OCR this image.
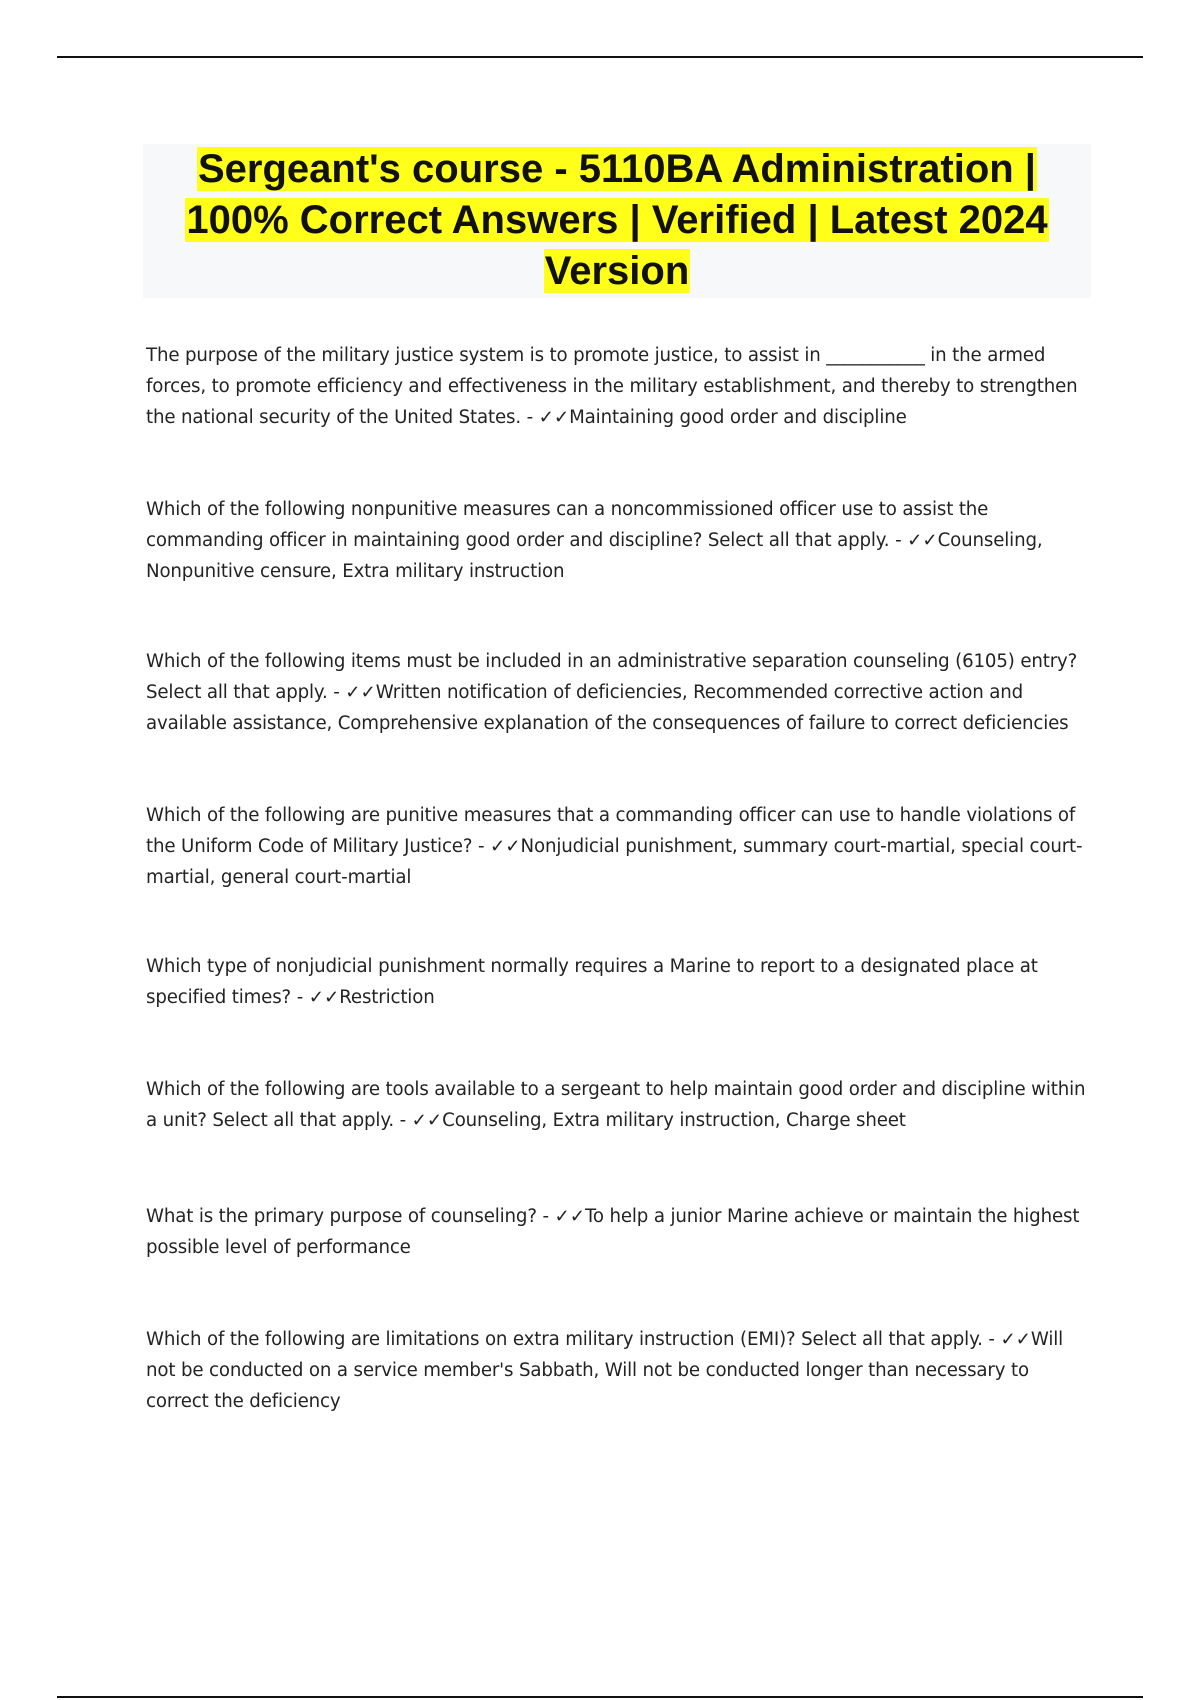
Sergeant's course - 5110BA Administration | 100% Correct Answers | Verified | Latest 2024 Version

The purpose of the military justice system is to promote justice, to assist in ___________ in the armed forces, to promote efficiency and effectiveness in the military establishment, and thereby to strengthen the national security of the United States. - ✓✓Maintaining good order and discipline

Which of the following nonpunitive measures can a noncommissioned officer use to assist the commanding officer in maintaining good order and discipline? Select all that apply. - ✓✓Counseling, Nonpunitive censure, Extra military instruction

Which of the following items must be included in an administrative separation counseling (6105) entry? Select all that apply. - ✓✓Written notification of deficiencies, Recommended corrective action and available assistance, Comprehensive explanation of the consequences of failure to correct deficiencies

Which of the following are punitive measures that a commanding officer can use to handle violations of the Uniform Code of Military Justice? - ✓✓Nonjudicial punishment, summary court-martial, special court-martial, general court-martial

Which type of nonjudicial punishment normally requires a Marine to report to a designated place at specified times? - ✓✓Restriction

Which of the following are tools available to a sergeant to help maintain good order and discipline within a unit? Select all that apply. - ✓✓Counseling, Extra military instruction, Charge sheet

What is the primary purpose of counseling? - ✓✓To help a junior Marine achieve or maintain the highest possible level of performance

Which of the following are limitations on extra military instruction (EMI)? Select all that apply. - ✓✓Will not be conducted on a service member's Sabbath, Will not be conducted longer than necessary to correct the deficiency
